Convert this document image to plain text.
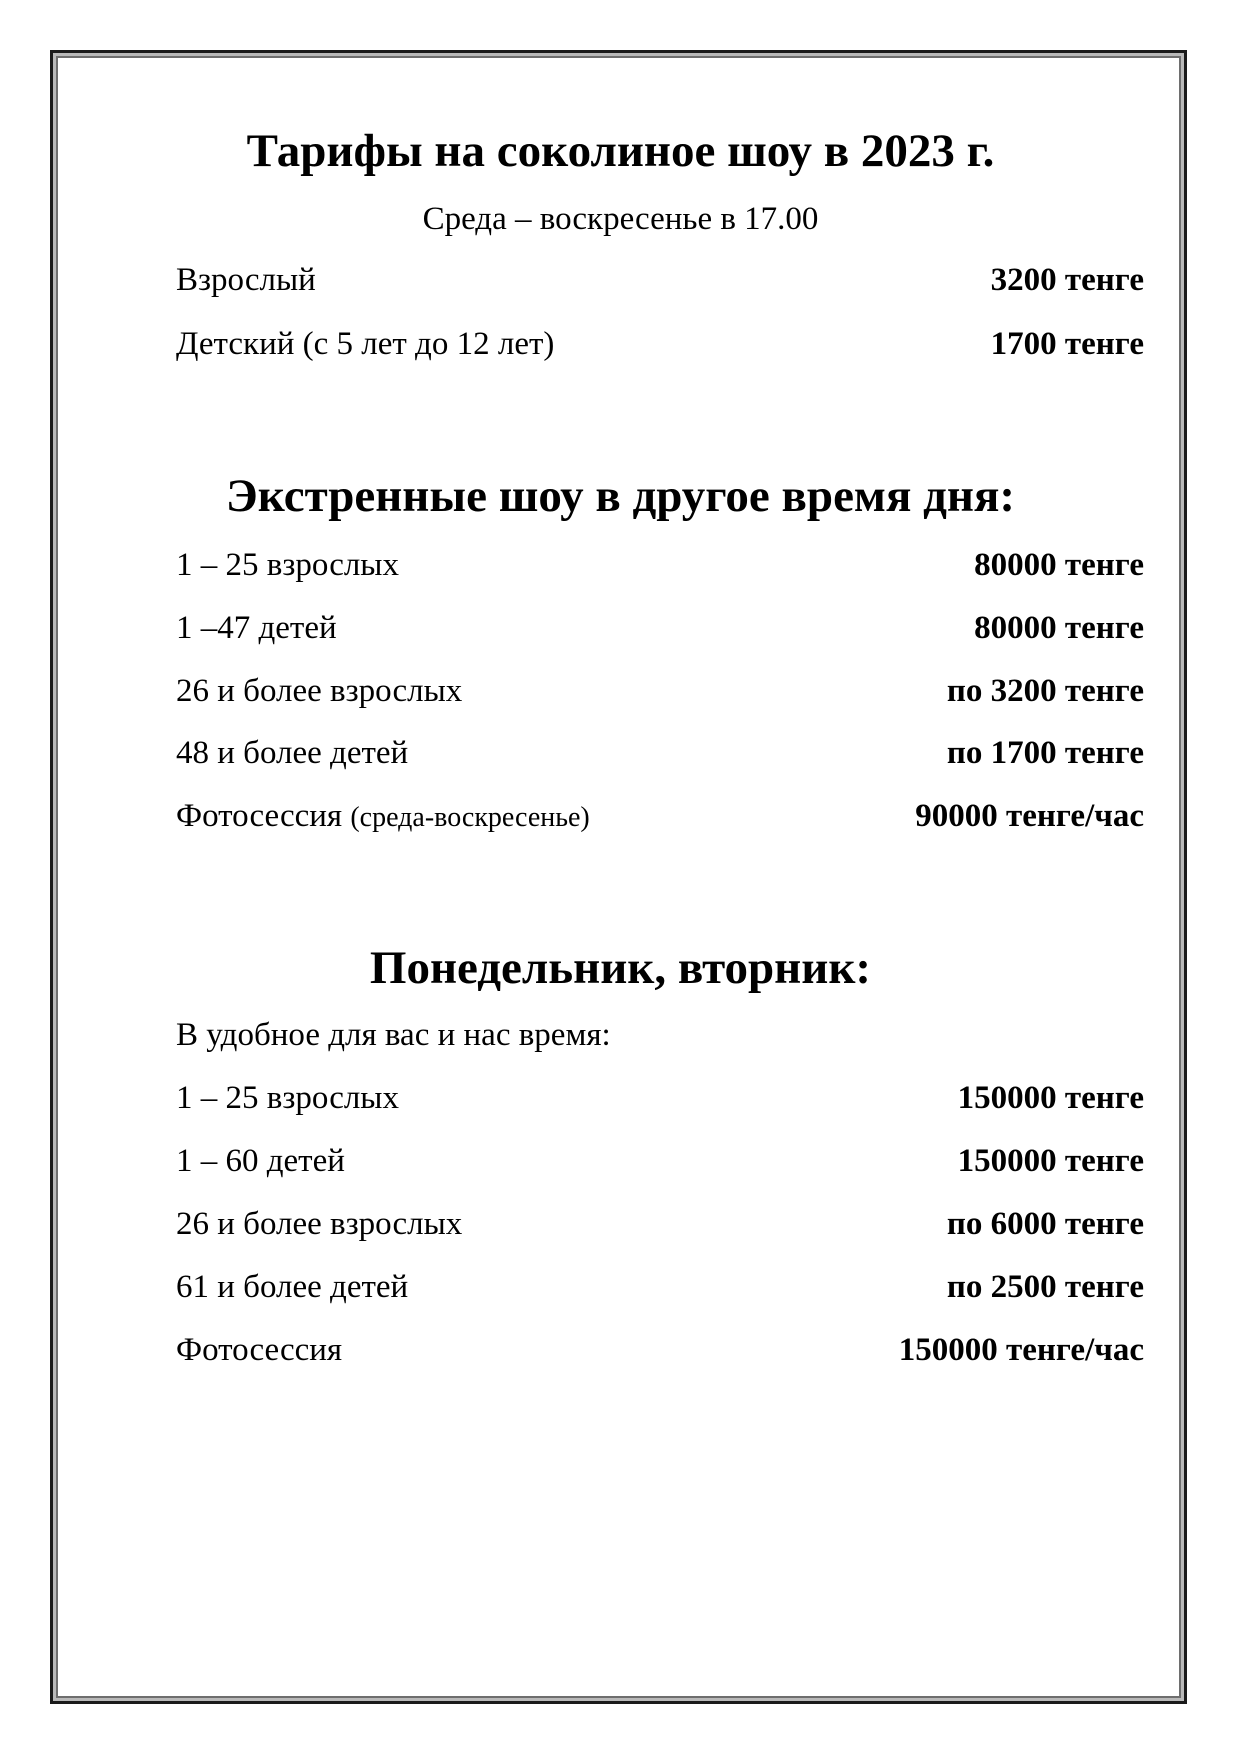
Тарифы на соколиное шоу в 2023 г.

Среда – воскресенье в 17.00

Взрослый	3200 тенге
Детский (с 5 лет до 12 лет)	1700 тенге
Экстренные шоу в другое время дня:
1 – 25 взрослых	80000 тенге
1 –47 детей	80000 тенге
26 и более взрослых	по 3200 тенге
48 и более детей	по 1700 тенге
Фотосессия (среда-воскресенье)	90000 тенге/час
Понедельник, вторник:
В удобное для вас и нас время:
1 – 25 взрослых	150000 тенге
1 – 60 детей	150000 тенге
26 и более взрослых	по 6000 тенге
61 и более детей	по 2500 тенге
Фотосессия	150000 тенге/час
